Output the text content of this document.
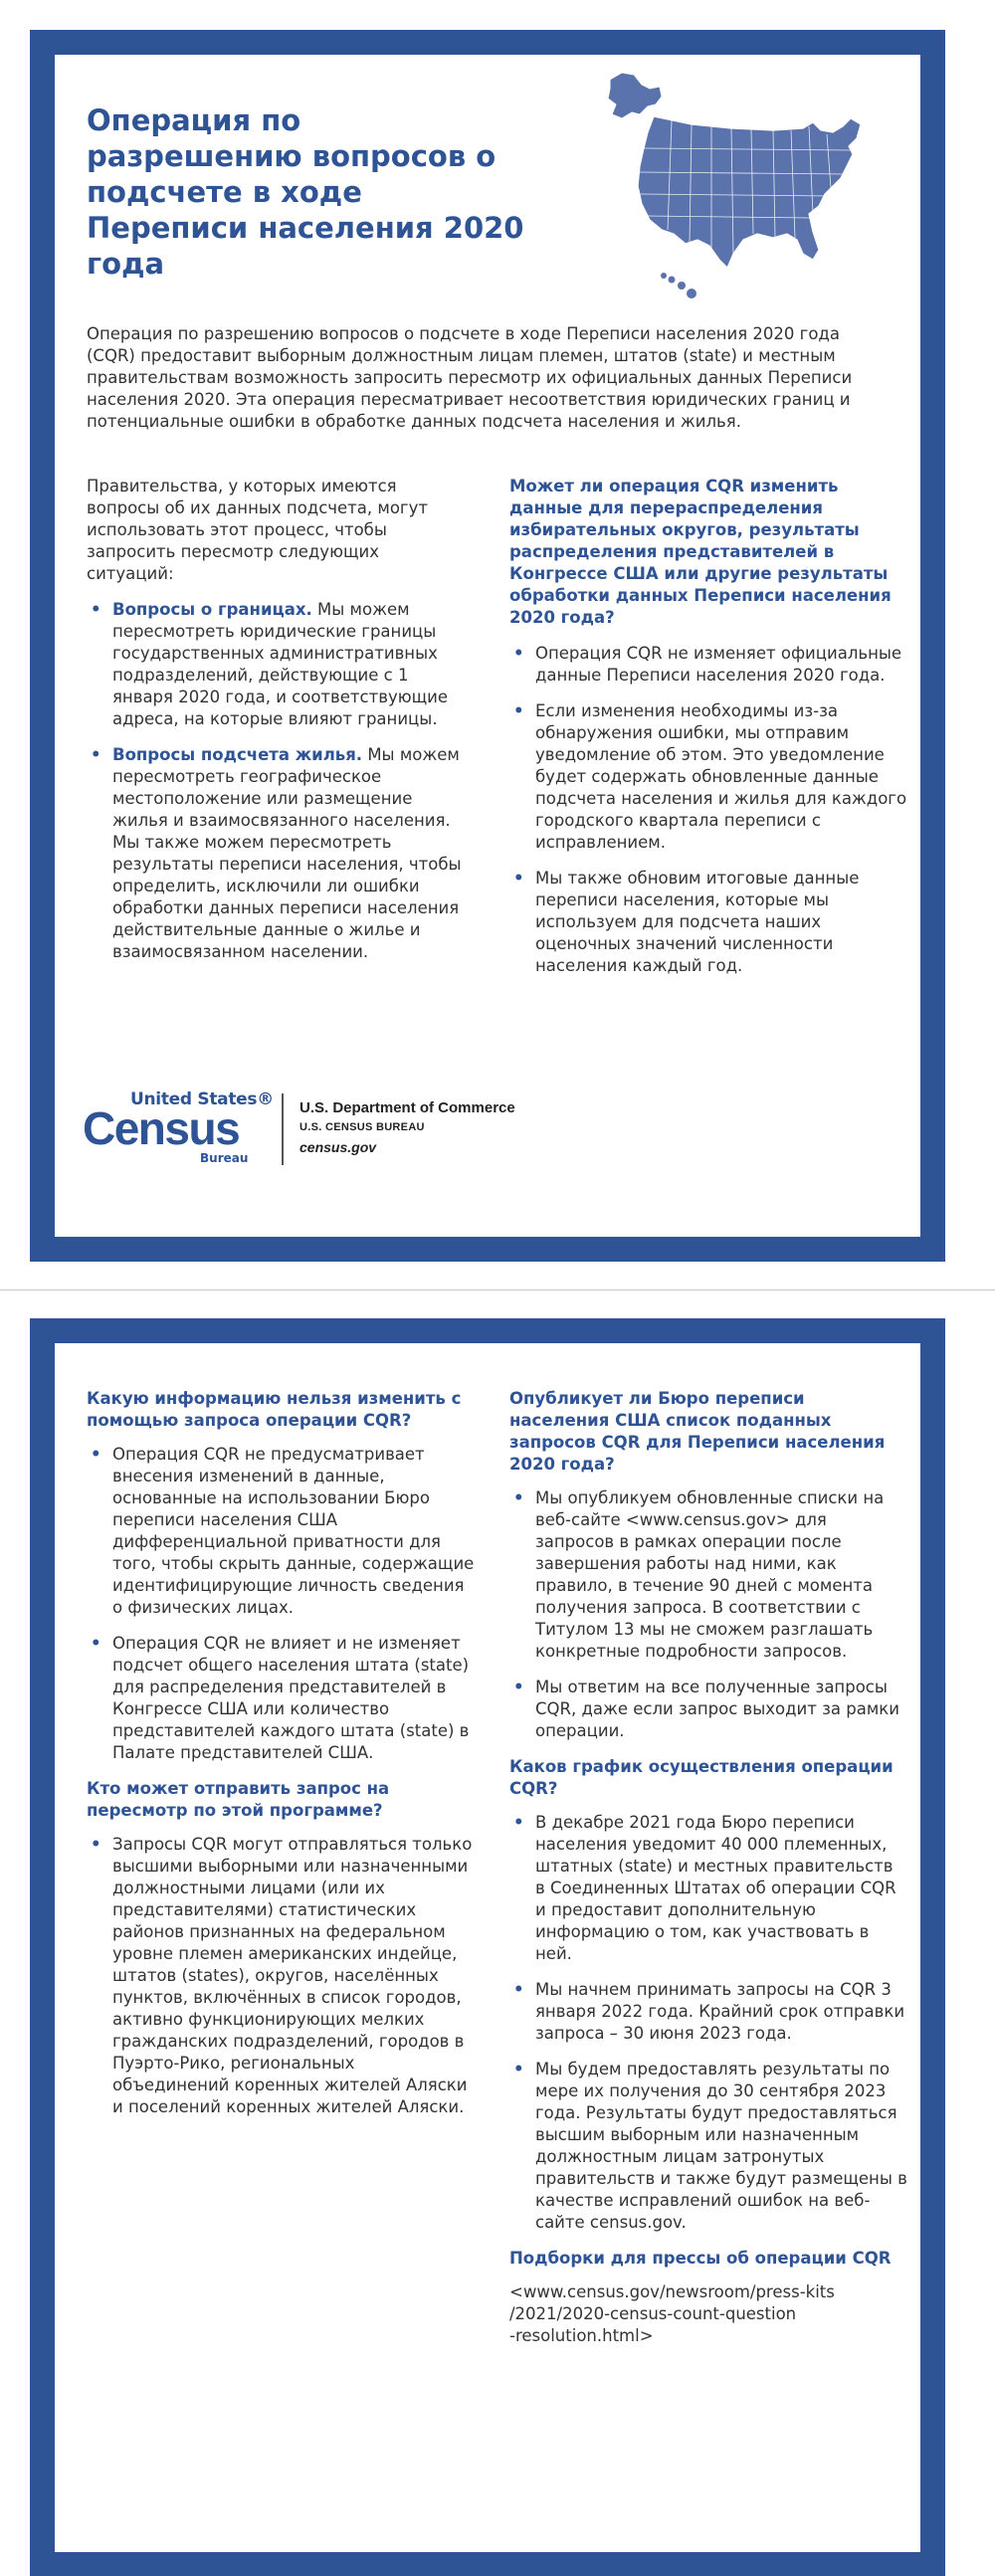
Операция по разрешению вопросов о подсчете в ходе Переписи населения 2020 года

Операция по разрешению вопросов о подсчете в ходе Переписи населения 2020 года (CQR) предоставит выборным должностным лицам племен, штатов (state) и местным правительствам возможность запросить пересмотр их официальных данных Переписи населения 2020. Эта операция пересматривает несоответствия юридических границ и потенциальные ошибки в обработке данных подсчета населения и жилья.

Правительства, у которых имеются вопросы об их данных подсчета, могут использовать этот процесс, чтобы запросить пересмотр следующих ситуаций:

• Вопросы о границах. Мы можем пересмотреть юридические границы государственных административных подразделений, действующие с 1 января 2020 года, и соответствующие адреса, на которые влияют границы.
• Вопросы подсчета жилья. Мы можем пересмотреть географическое местоположение или размещение жилья и взаимосвязанного населения. Мы также можем пересмотреть результаты переписи населения, чтобы определить, исключили ли ошибки обработки данных переписи населения действительные данные о жилье и взаимосвязанном населении.

Может ли операция CQR изменить данные для перераспределения избирательных округов, результаты распределения представителей в Конгрессе США или другие результаты обработки данных Переписи населения 2020 года?

• Операция CQR не изменяет официальные данные Переписи населения 2020 года.
• Если изменения необходимы из-за обнаружения ошибки, мы отправим уведомление об этом. Это уведомление будет содержать обновленные данные подсчета населения и жилья для каждого городского квартала переписи с исправлением.
• Мы также обновим итоговые данные переписи населения, которые мы используем для подсчета наших оценочных значений численности населения каждый год.
United States®
Census
Bureau
U.S. Department of Commerce
U.S. CENSUS BUREAU
census.gov

Какую информацию нельзя изменить с помощью запроса операции CQR?

• Операция CQR не предусматривает внесения изменений в данные, основанные на использовании Бюро переписи населения США дифференциальной приватности для того, чтобы скрыть данные, содержащие идентифицирующие личность сведения о физических лицах.
• Операция CQR не влияет и не изменяет подсчет общего населения штата (state) для распределения представителей в Конгрессе США или количество представителей каждого штата (state) в Палате представителей США.

Кто может отправить запрос на пересмотр по этой программе?

• Запросы CQR могут отправляться только высшими выборными или назначенными должностными лицами (или их представителями) статистических районов признанных на федеральном уровне племен американских индейце, штатов (states), округов, населённых пунктов, включённых в список городов, активно функционирующих мелких гражданских подразделений, городов в Пуэрто-Рико, региональных объединений коренных жителей Аляски и поселений коренных жителей Аляски.

Опубликует ли Бюро переписи населения США список поданных запросов CQR для Переписи населения 2020 года?

• Мы опубликуем обновленные списки на веб-сайте <www.census.gov> для запросов в рамках операции после завершения работы над ними, как правило, в течение 90 дней с момента получения запроса. В соответствии с Титулом 13 мы не сможем разглашать конкретные подробности запросов.
• Мы ответим на все полученные запросы CQR, даже если запрос выходит за рамки операции.

Каков график осуществления операции CQR?

• В декабре 2021 года Бюро переписи населения уведомит 40 000 племенных, штатных (state) и местных правительств в Соединенных Штатах об операции CQR и предоставит дополнительную информацию о том, как участвовать в ней.
• Мы начнем принимать запросы на CQR 3 января 2022 года. Крайний срок отправки запроса – 30 июня 2023 года.
• Мы будем предоставлять результаты по мере их получения до 30 сентября 2023 года. Результаты будут предоставляться высшим выборным или назначенным должностным лицам затронутых правительств и также будут размещены в качестве исправлений ошибок на веб-сайте census.gov.

Подборки для прессы об операции CQR

<www.census.gov/newsroom/press-kits
/2021/2020-census-count-question
-resolution.html>
